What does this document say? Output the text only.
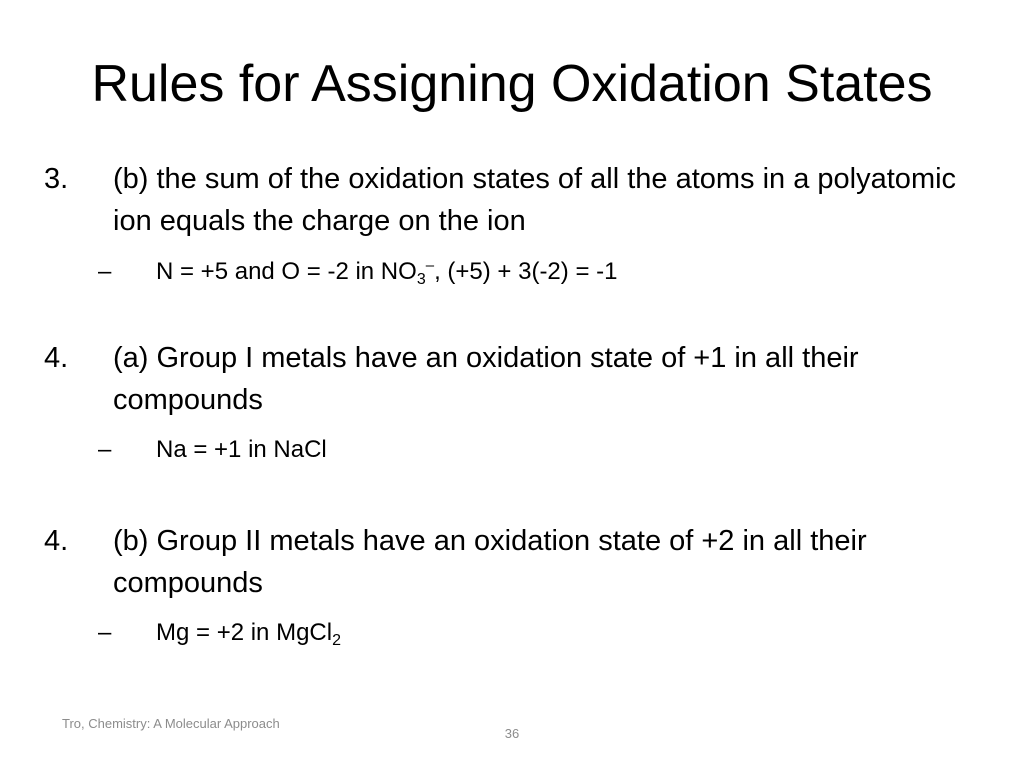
Rules for Assigning Oxidation States
3. (b) the sum of the oxidation states of all the atoms in a polyatomic ion equals the charge on the ion
– N = +5 and O = -2 in $NO_3^-$, (+5) + 3(-2) = -1
4. (a) Group I metals have an oxidation state of +1 in all their compounds
– Na = +1 in NaCl
4. (b) Group II metals have an oxidation state of +2 in all their compounds
– Mg = +2 in MgCl$_2$
Tro, Chemistry: A Molecular Approach
36
